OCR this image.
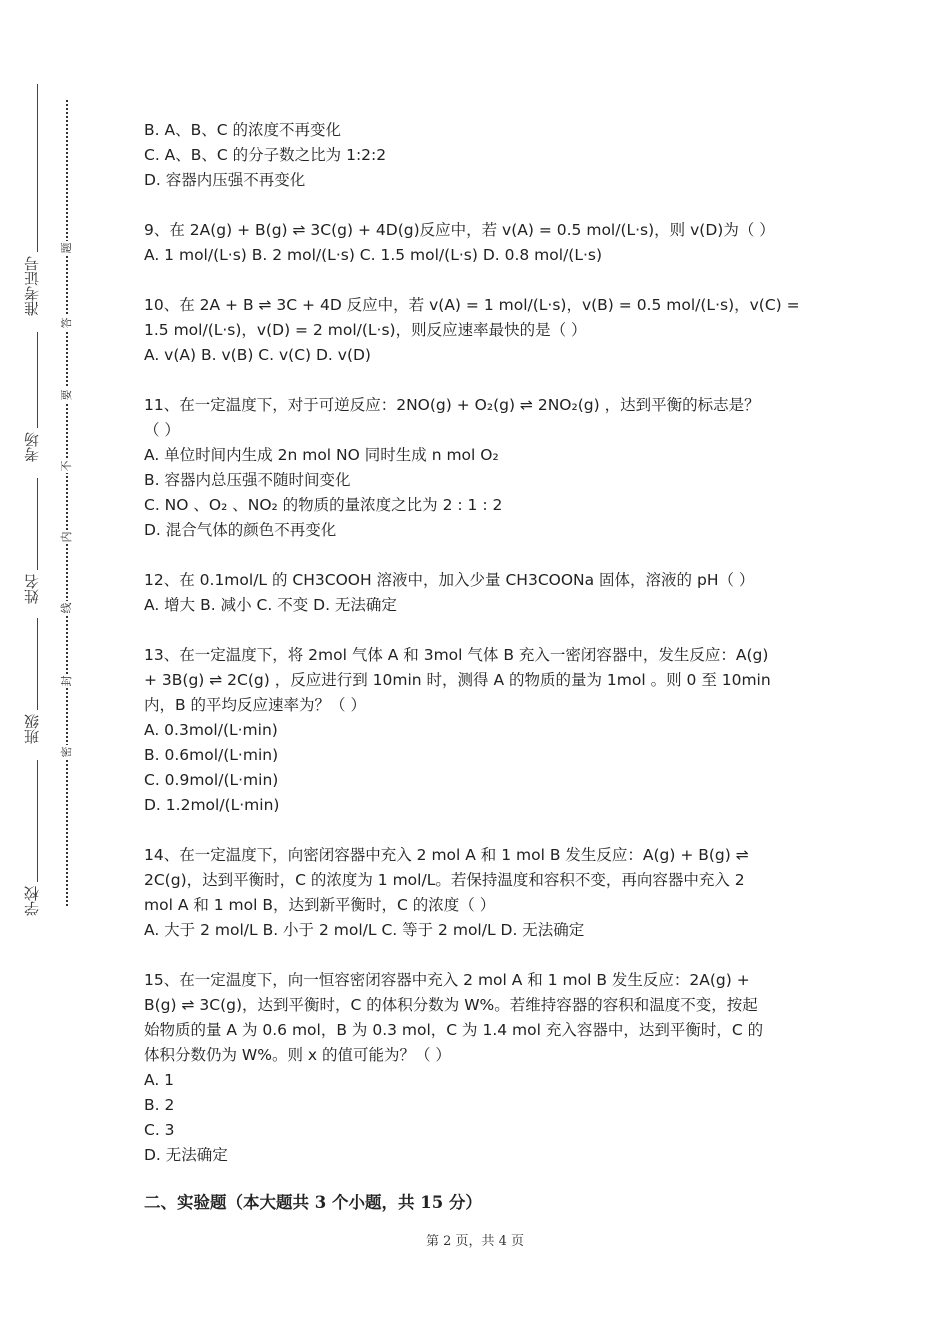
准考证号
考场
姓名
班级
学校
题
答
要
不
内
线
封
密

B. A、B、C 的浓度不再变化

C. A、B、C 的分子数之比为 1:2:2

D. 容器内压强不再变化

9、在 2A(g) + B(g) ⇌ 3C(g) + 4D(g)反应中，若 v(A) = 0.5 mol/(L·s)，则 v(D)为（ ）

A. 1 mol/(L·s) B. 2 mol/(L·s) C. 1.5 mol/(L·s) D. 0.8 mol/(L·s)

10、在 2A + B ⇌ 3C + 4D 反应中，若 v(A) = 1 mol/(L·s)，v(B) = 0.5 mol/(L·s)，v(C) =

1.5 mol/(L·s)，v(D) = 2 mol/(L·s)，则反应速率最快的是（ ）

A. v(A) B. v(B) C. v(C) D. v(D)

11、在一定温度下，对于可逆反应：2NO(g) + O₂(g) ⇌ 2NO₂(g) ，达到平衡的标志是？

（ ）

A. 单位时间内生成 2n mol NO 同时生成 n mol O₂

B. 容器内总压强不随时间变化

C. NO 、O₂ 、NO₂ 的物质的量浓度之比为 2 : 1 : 2

D. 混合气体的颜色不再变化

12、在 0.1mol/L 的 CH3COOH 溶液中，加入少量 CH3COONa 固体，溶液的 pH（ ）

A. 增大 B. 减小 C. 不变 D. 无法确定

13、在一定温度下，将 2mol 气体 A 和 3mol 气体 B 充入一密闭容器中，发生反应：A(g)

+ 3B(g) ⇌ 2C(g) ，反应进行到 10min 时，测得 A 的物质的量为 1mol 。则 0 至 10min

内，B 的平均反应速率为？（ ）

A. 0.3mol/(L·min)

B. 0.6mol/(L·min)

C. 0.9mol/(L·min)

D. 1.2mol/(L·min)

14、在一定温度下，向密闭容器中充入 2 mol A 和 1 mol B 发生反应：A(g) + B(g) ⇌

2C(g)，达到平衡时，C 的浓度为 1 mol/L。若保持温度和容积不变，再向容器中充入 2

mol A 和 1 mol B，达到新平衡时，C 的浓度（ ）

A. 大于 2 mol/L B. 小于 2 mol/L C. 等于 2 mol/L D. 无法确定

15、在一定温度下，向一恒容密闭容器中充入 2 mol A 和 1 mol B 发生反应：2A(g) +

B(g) ⇌ 3C(g)，达到平衡时，C 的体积分数为 W%。若维持容器的容积和温度不变，按起

始物质的量 A 为 0.6 mol，B 为 0.3 mol，C 为 1.4 mol 充入容器中，达到平衡时，C 的

体积分数仍为 W%。则 x 的值可能为？（ ）

A. 1

B. 2

C. 3

D. 无法确定

二、实验题（本大题共 3 个小题，共 15 分）

第 2 页，共 4 页
